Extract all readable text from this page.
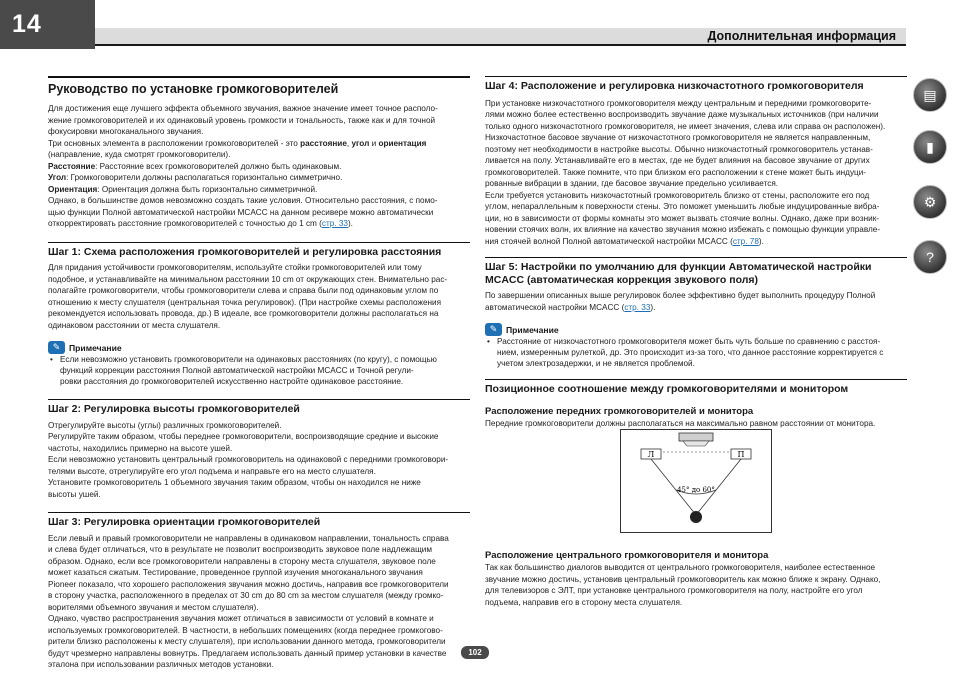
14	Дополнительная информация
Руководство по установке громкоговорителей

Для достижения еще лучшего эффекта объемного звучания, важное значение имеет точное располо-

жение громкоговорителей и их одинаковый уровень громкости и тональность, также как и для точной

фокусировки многоканального звучания.

Три основных элемента в расположении громкоговорителей - это расстояние, угол и ориентация

(направление, куда смотрят громкоговорители).

Расстояние: Расстояние всех громкоговорителей должно быть одинаковым.

Угол: Громкоговорители должны располагаться горизонтально симметрично.

Ориентация: Ориентация должна быть горизонтально симметричной.

Однако, в большинстве домов невозможно создать такие условия. Относительно расстояния, с помо-

щью функции Полной автоматической настройки MCACC на данном ресивере можно автоматически

откорректировать расстояние громкоговорителей с точностью до 1 cm (стр. 33).

Шаг 1: Схема расположения громкоговорителей и регулировка расстояния

Для придания устойчивости громкоговорителям, используйте стойки громкоговорителей или тому

подобное, и устанавливайте на минимальном расстоянии 10 cm от окружающих стен. Внимательно рас-

полагайте громкоговорители, чтобы громкоговорители слева и справа были под одинаковым углом по

отношению к месту слушателя (центральная точка регулировок). (При настройке схемы расположения

рекомендуется использовать провода, др.) В идеале, все громкоговорители должны располагаться на

одинаковом расстоянии от места слушателя.

✎	Примечание
• Если невозможно установить громкоговорители на одинаковых расстояниях (по кругу), с помощью
функций коррекции расстояния Полной автоматической настройки MCACC и Точной регули-
ровки расстояния до громкоговорителей искусственно настройте одинаковое расстояние.
Шаг 2: Регулировка высоты громкоговорителей

Отрегулируйте высоты (углы) различных громкоговорителей.

Регулируйте таким образом, чтобы переднее громкоговорители, воспроизводящие средние и высокие

частоты, находились примерно на высоте ушей.

Если невозможно установить центральный громкоговоритель на одинаковой с передними громкоговори-

телями высоте, отрегулируйте его угол подъема и направьте его на место слушателя.

Установите громкоговоритель 1 объемного звучания таким образом, чтобы он находился не ниже

высоты ушей.

Шаг 3: Регулировка ориентации громкоговорителей

Если левый и правый громкоговорители не направлены в одинаковом направлении, тональность справа

и слева будет отличаться, что в результате не позволит воспроизводить звуковое поле надлежащим

образом. Однако, если все громкоговорители направлены в сторону места слушателя, звуковое поле

может казаться сжатым. Тестирование, проведенное группой изучения многоканального звучания

Pioneer показало, что хорошего расположения звучания можно достичь, направив все громкоговорители

в сторону участка, расположенного в пределах от 30 cm до 80 cm за местом слушателя (между громко-

ворителями объемного звучания и местом слушателя).

Однако, чувство распространения звучания может отличаться в зависимости от условий в комнате и

используемых громкоговорителей. В частности, в небольших помещениях (когда переднее громкогово-

рители близко расположены к месту слушателя), при использовании данного метода, громкоговорители

будут чрезмерно направлены вовнутрь. Предлагаем использовать данный пример установки в качестве

эталона при использовании различных методов установки.

Шаг 4: Расположение и регулировка низкочастотного громкоговорителя

При установке низкочастотного громкоговорителя между центральным и передними громкоговорите-

лями можно более естественно воспроизводить звучание даже музыкальных источников (при наличии

только одного низкочастотного громкоговорителя, не имеет значения, слева или справа он расположен).

Низкочастотное басовое звучание от низкочастотного громкоговорителя не является направленным,

поэтому нет необходимости в настройке высоты. Обычно низкочастотный громкоговоритель устанав-

ливается на полу. Устанавливайте его в местах, где не будет влияния на басовое звучание от других

громкоговорителей. Также помните, что при близком его расположении к стене может быть индуци-

рованные вибрации в здании, где басовое звучание предельно усиливается.

Если требуется установить низкочастотный громкоговоритель близко от стены, расположите его под

углом, непараллельным к поверхности стены. Это поможет уменьшить любые индуцированные вибра-

ции, но в зависимости от формы комнаты это может вызвать стоячие волны. Однако, даже при возник-

новении стоячих волн, их влияние на качество звучания можно избежать с помощью функции управле-

ния стоячей волной Полной автоматической настройки MCACC (стр. 78).

Шаг 5: Настройки по умолчанию для функции Автоматической настройки
MCACC (автоматическая коррекция звукового поля)

По завершении описанных выше регулировок более эффективно будет выполнить процедуру Полной

автоматической настройки MCACC (стр. 33).

✎	Примечание
• Расстояние от низкочастотного громкоговорителя может быть чуть больше по сравнению с расстоя-
нием, измеренным рулеткой, др. Это происходит из-за того, что данное расстояние корректируется с
учетом электрозадержки, и не является проблемой.
Позиционное соотношение между громкоговорителями и монитором

Расположение передних громкоговорителей и монитора

Передние громкоговорители должны располагаться на максимально равном расстоянии от монитора.

Л	П
45° до 60°

Расположение центрального громкоговорителя и монитора

Так как большинство диалогов выводится от центрального громкоговорителя, наиболее естественное

звучание можно достичь, установив центральный громкоговоритель как можно ближе к экрану. Однако,

для телевизоров с ЭЛТ, при установке центрального громкоговорителя на полу, настройте его угол

подъема, направив его в сторону места слушателя.

▤
▮
⚙
?
102
